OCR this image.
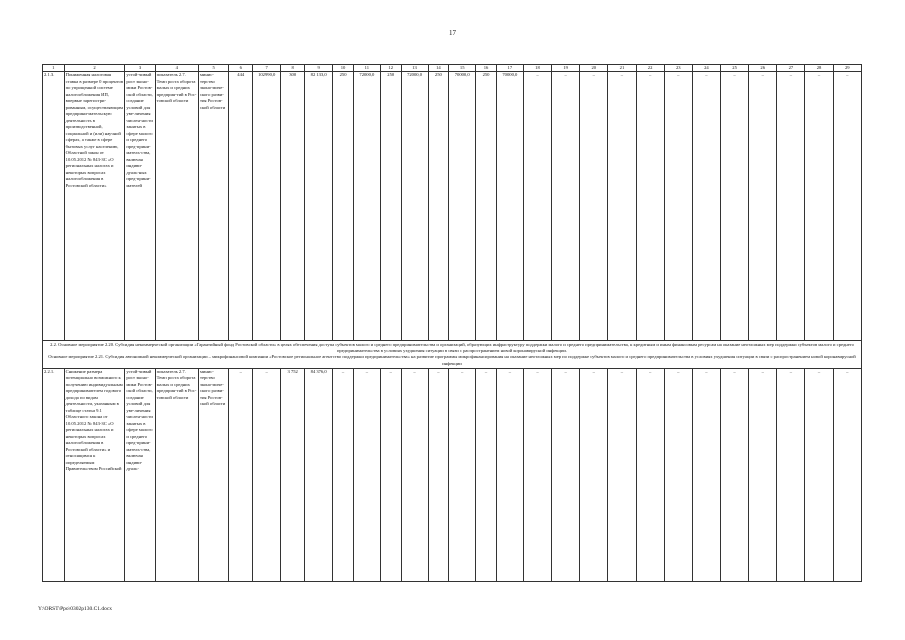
17
1	2	3	4	5	6	7	8	9	10	11	12	13	14	15	16	17	18	19	20	21	22	23	24	25	26	27	28	29
2.1.3.	Пониженная налоговая ставка в размере 0 процентов по упрощенной системе налогообложения ИП, впервые зарегистри-рованным, осуществляющим предприни-мательскую деятельность в производственной, социальной и (или) научной сферах, а также в сфере бытовых услуг населению, Областной закон от 10.05.2012 № 843-ЗС «О региональных налогах и некоторых вопросах налогообложения в Ростовской области»	устой-чивый рост эконо-мики Ростов-ской области, создание условий для уве-личения числен-ности занятых в сфере малого и среднего пред-прини-матель-ства, включая индиви-дуаль-ных пред-прини-мателей	показатель 2.7. Темп роста оборота малых и средних предприя-тий в Рос-товской области	минис-терство эконо-миче-ского разви-тия Ростов-ской области	444	102990,0	300	82 133,0	250	72000,0	250	72000,0	250	70000,0	250	70000,0	–	–	–	–	–	–	–	–	–	–	–	–

2.2. Основное мероприятие 2.20. Субсидия некоммерческой организации «Гарантийный фонд Ростовской области» в целях обеспечения доступа субъектов малого и среднего предпринимательства и организаций, образующих инфраструктуру поддержки малого и среднего предпринимательства, к кредитным и иным финансовым ресурсам на оказание неотложных мер поддержки субъектов малого и среднего предпринимательства в условиях ухудшения ситуации в связи с распространением новой коронавирусной инфекции.
Основное мероприятие 2.21. Субсидия автономной некоммерческой организации – микрофинансовой компании «Ростовское региональное агентство поддержки предпринимательства» на развитие программы микрофинансирования на оказание неотложных мер по поддержке субъектов малого и среднего предпринимательства в условиях ухудшения ситуации в связи с распространением новой коронавирусной инфекции																												

2.2.1.	Снижение размера потенциально возможного к получению индивидуальным предпринимателем годового дохода по видам деятельности, указанным в таблице статьи 9.1 Областного закона от 10.05.2012 № 843-ЗС «О региональных налогах и некоторых вопросах налогообложения в Ростовской области» и относящимся к определяемым Правительством Российской	устой-чивый рост эконо-мики Ростов-ской области, создание условий для уве-личения числен-ности занятых в сфере малого и среднего пред-прини-матель-ства, включая индиви-дуаль-	показатель 2.7. Темп роста оборота малых и средних предприя-тий в Рос-товской области	минис-терство эконо-миче-ского разви-тия Ростов-ской области	–	–	3 752	84 376,0	–	–	–	–	–	–	–	–	–	–	–	–	–	–	–	–	–	–	–	–
Y:\ORST\Ppo\0302p130.C1.docx
